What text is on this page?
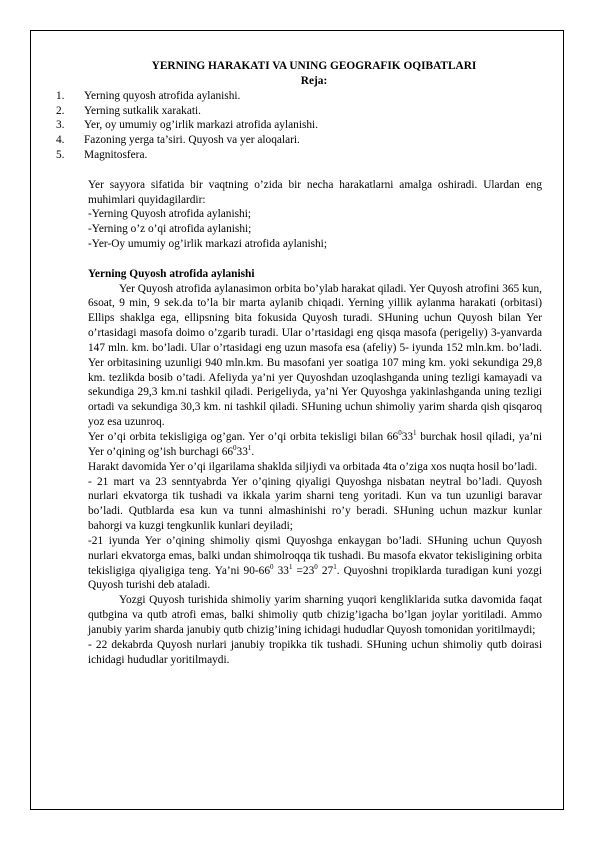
YERNING HARAKATI VA UNING GEOGRAFIK OQIBATLARI
Reja:
1. Yerning quyosh atrofida aylanishi.
2. Yerning sutkalik xarakati.
3. Yer, oy umumiy og’irlik markazi atrofida aylanishi.
4. Fazoning yerga ta’siri. Quyosh va yer aloqalari.
5. Magnitosfera.

Yer sayyora sifatida bir vaqtning o’zida bir necha harakatlarni amalga oshiradi. Ulardan eng muhimlari quyidagilardir:

-Yerning Quyosh atrofida aylanishi;

-Yerning o’z o’qi atrofida aylanishi;

-Yer-Oy umumiy og’irlik markazi atrofida aylanishi;

Yerning Quyosh atrofida aylanishi

Yer Quyosh atrofida aylanasimon orbita bo’ylab harakat qiladi. Yer Quyosh atrofini 365 kun, 6soat, 9 min, 9 sek.da to’la bir marta aylanib chiqadi. Yerning yillik aylanma harakati (orbitasi) Ellips shaklga ega, ellipsning bita fokusida Quyosh turadi. SHuning uchun Quyosh bilan Yer o’rtasidagi masofa doimo o’zgarib turadi. Ular o’rtasidagi eng qisqa masofa (perigeliy) 3-yanvarda 147 mln. km. bo’ladi. Ular o’rtasidagi eng uzun masofa esa (afeliy) 5- iyunda 152 mln.km. bo’ladi. Yer orbitasining uzunligi 940 mln.km. Bu masofani yer soatiga 107 ming km. yoki sekundiga 29,8 km. tezlikda bosib o’tadi. Afeliyda ya’ni yer Quyoshdan uzoqlashganda uning tezligi kamayadi va sekundiga 29,3 km.ni tashkil qiladi. Perigeliyda, ya’ni Yer Quyoshga yakinlashganda uning tezligi ortadi va sekundiga 30,3 km. ni tashkil qiladi. SHuning uchun shimoliy yarim sharda qish qisqaroq yoz esa uzunroq.

Yer o’qi orbita tekisligiga og’gan. Yer o’qi orbita tekisligi bilan $66^033^1$ burchak hosil qiladi, ya’ni Yer o’qining og’ish burchagi $66^033^1$.

Harakt davomida Yer o’qi ilgarilama shaklda siljiydi va orbitada 4ta o’ziga xos nuqta hosil bo’ladi.

- 21 mart va 23 senntyabrda Yer o’qining qiyaligi Quyoshga nisbatan neytral bo’ladi. Quyosh nurlari ekvatorga tik tushadi va ikkala yarim sharni teng yoritadi. Kun va tun uzunligi baravar bo’ladi. Qutblarda esa kun va tunni almashinishi ro’y beradi. SHuning uchun mazkur kunlar bahorgi va kuzgi tengkunlik kunlari deyiladi;

-21 iyunda Yer o’qining shimoliy qismi Quyoshga enkaygan bo’ladi. SHuning uchun Quyosh nurlari ekvatorga emas, balki undan shimolroqqa tik tushadi. Bu masofa ekvator tekisligining orbita tekisligiga qiyaligiga teng. Ya’ni $90-66^0$ $33^1 =23^0$ $27^1$. Quyoshni tropiklarda turadigan kuni yozgi Quyosh turishi deb ataladi.

Yozgi Quyosh turishida shimoliy yarim sharning yuqori kengliklarida sutka davomida faqat qutbgina va qutb atrofi emas, balki shimoliy qutb chizig’igacha bo’lgan joylar yoritiladi. Ammo janubiy yarim sharda janubiy qutb chizig’ining ichidagi hududlar Quyosh tomonidan yoritilmaydi;

- 22 dekabrda Quyosh nurlari janubiy tropikka tik tushadi. SHuning uchun shimoliy qutb doirasi ichidagi hududlar yoritilmaydi.
